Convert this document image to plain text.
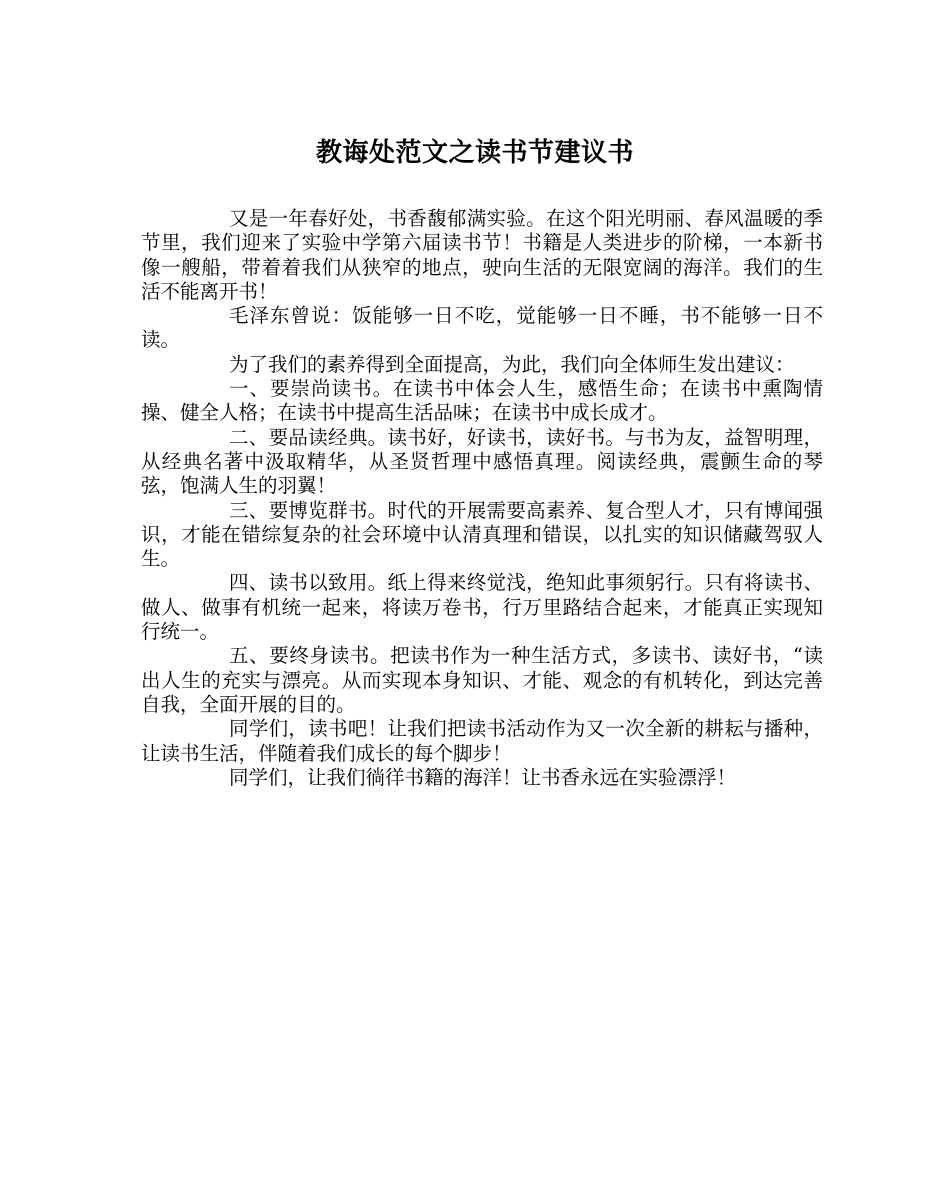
教诲处范文之读书节建议书

又是一年春好处，书香馥郁满实验。在这个阳光明丽、春风温暖的季节里，我们迎来了实验中学第六届读书节！书籍是人类进步的阶梯，一本新书像一艘船，带着着我们从狭窄的地点，驶向生活的无限宽阔的海洋。我们的生活不能离开书！

毛泽东曾说：饭能够一日不吃，觉能够一日不睡，书不能够一日不读。

为了我们的素养得到全面提高，为此，我们向全体师生发出建议：

一、要崇尚读书。在读书中体会人生，感悟生命；在读书中熏陶情操、健全人格；在读书中提高生活品味；在读书中成长成才。

二、要品读经典。读书好，好读书，读好书。与书为友，益智明理，从经典名著中汲取精华，从圣贤哲理中感悟真理。阅读经典，震颤生命的琴弦，饱满人生的羽翼！

三、要博览群书。时代的开展需要高素养、复合型人才，只有博闻强识，才能在错综复杂的社会环境中认清真理和错误，以扎实的知识储藏驾驭人生。

四、读书以致用。纸上得来终觉浅，绝知此事须躬行。只有将读书、做人、做事有机统一起来，将读万卷书，行万里路结合起来，才能真正实现知行统一。

五、要终身读书。把读书作为一种生活方式，多读书、读好书，“读出人生的充实与漂亮。从而实现本身知识、才能、观念的有机转化，到达完善自我，全面开展的目的。

同学们，读书吧！让我们把读书活动作为又一次全新的耕耘与播种，让读书生活，伴随着我们成长的每个脚步！

同学们，让我们徜徉书籍的海洋！让书香永远在实验漂浮！
